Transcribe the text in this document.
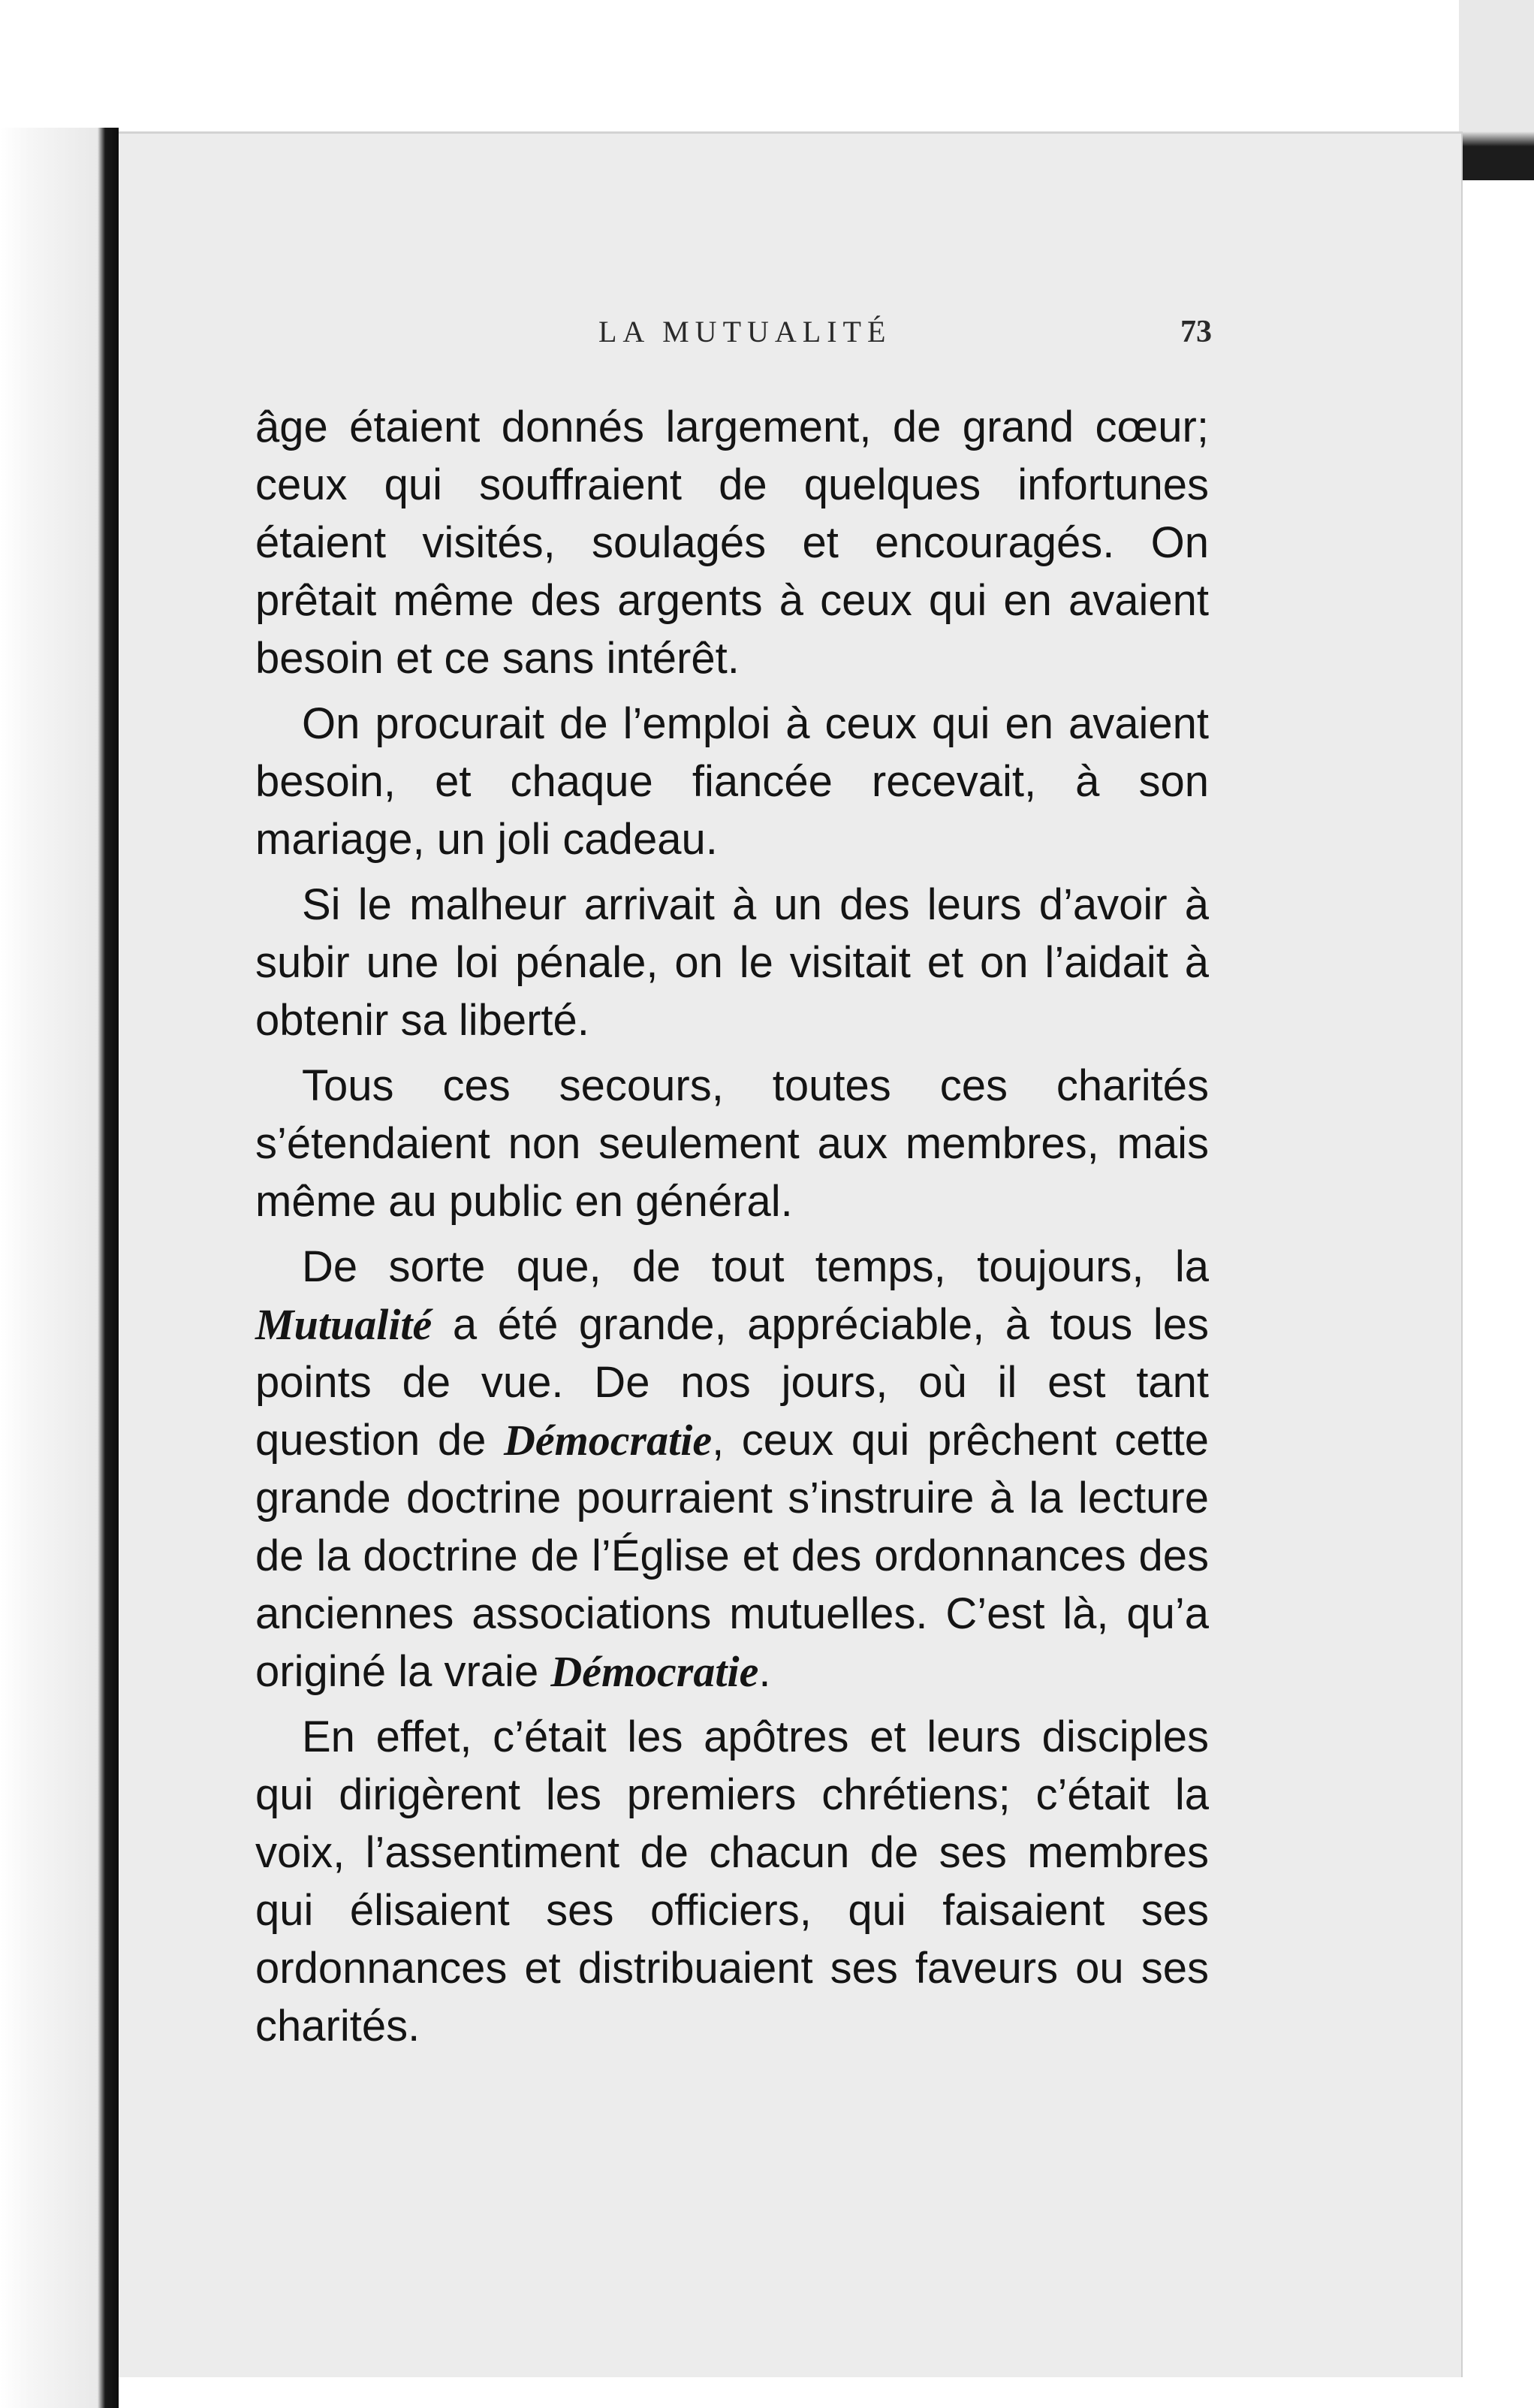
LA MUTUALITÉ	73

âge étaient donnés largement, de grand cœur; ceux qui souffraient de quelques infortunes étaient visités, soulagés et encouragés. On prêtait même des argents à ceux qui en avaient besoin et ce sans intérêt.

On procurait de l’emploi à ceux qui en avaient besoin, et chaque fiancée recevait, à son mariage, un joli cadeau.

Si le malheur arrivait à un des leurs d’avoir à subir une loi pénale, on le visitait et on l’aidait à obtenir sa liberté.

Tous ces secours, toutes ces charités s’étendaient non seulement aux membres, mais même au public en général.

De sorte que, de tout temps, toujours, la Mutualité a été grande, appréciable, à tous les points de vue. De nos jours, où il est tant question de Démocratie, ceux qui prêchent cette grande doctrine pourraient s’instruire à la lecture de la doctrine de l’Église et des ordonnances des anciennes associations mutuelles. C’est là, qu’a originé la vraie Démocratie.

En effet, c’était les apôtres et leurs disciples qui dirigèrent les premiers chrétiens; c’était la voix, l’assentiment de chacun de ses membres qui élisaient ses officiers, qui faisaient ses ordonnances et distribuaient ses faveurs ou ses charités.
